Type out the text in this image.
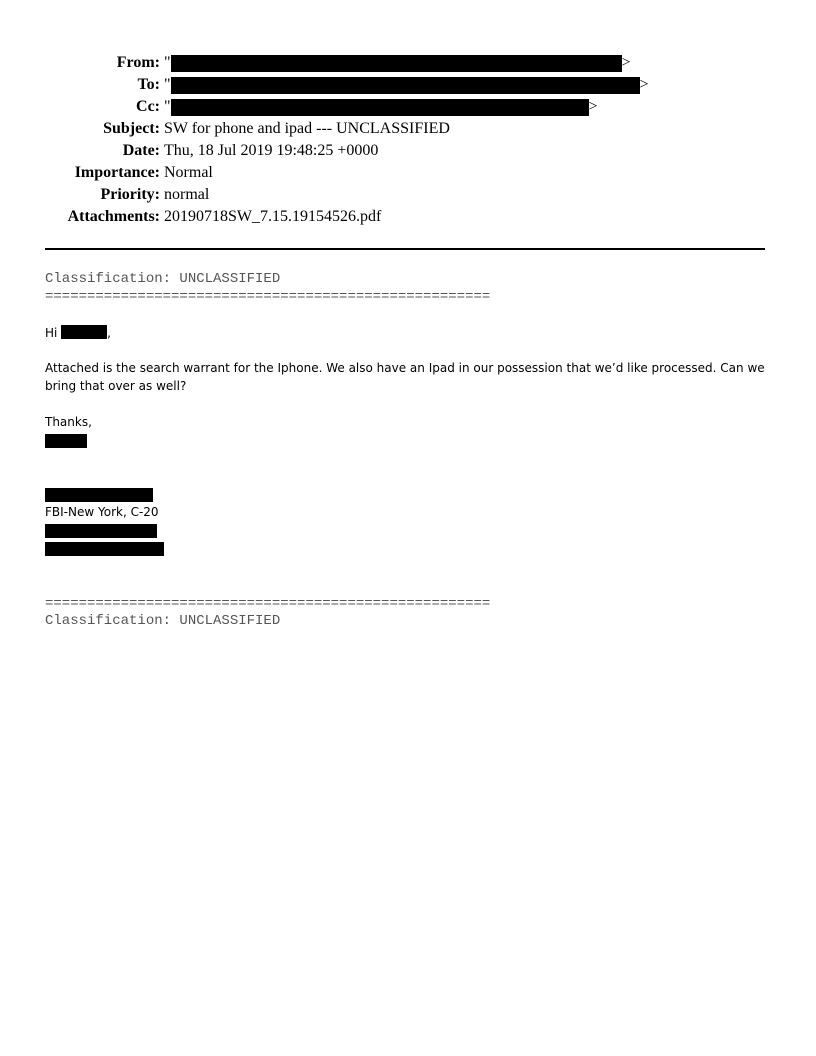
From: "	>
To: "	>
Cc: "	>
Subject: SW for phone and ipad --- UNCLASSIFIED
Date: Thu, 18 Jul 2019 19:48:25 +0000
Importance: Normal
Priority: normal
Attachments: 20190718SW_7.15.19154526.pdf
Classification: UNCLASSIFIED
=====================================================
Hi	,
Attached is the search warrant for the Iphone. We also have an Ipad in our possession that we’d like processed. Can we
bring that over as well?
Thanks,
FBI-New York, C-20
=====================================================
Classification: UNCLASSIFIED
